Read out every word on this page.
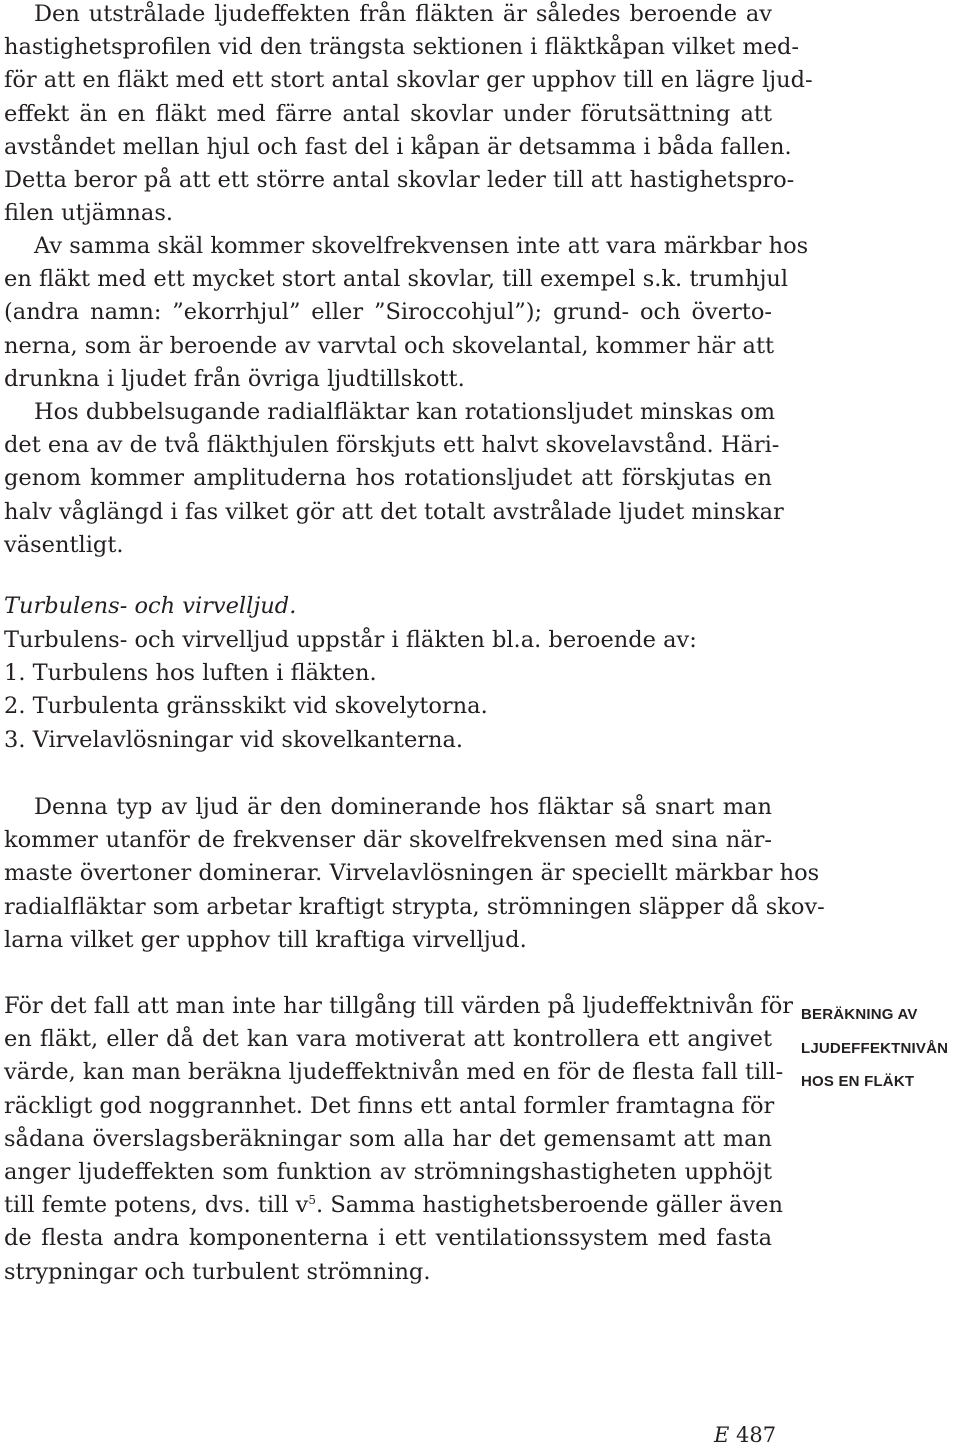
Den utstrålade ljudeffekten från fläkten är således beroende av
hastighetsprofilen vid den trängsta sektionen i fläktkåpan vilket med-
för att en fläkt med ett stort antal skovlar ger upphov till en lägre ljud-
effekt än en fläkt med färre antal skovlar under förutsättning att
avståndet mellan hjul och fast del i kåpan är detsamma i båda fallen.
Detta beror på att ett större antal skovlar leder till att hastighetspro-
filen utjämnas.
Av samma skäl kommer skovelfrekvensen inte att vara märkbar hos
en fläkt med ett mycket stort antal skovlar, till exempel s.k. trumhjul
(andra namn: ”ekorrhjul” eller ”Siroccohjul”); grund- och överto-
nerna, som är beroende av varvtal och skovelantal, kommer här att
drunkna i ljudet från övriga ljudtillskott.
Hos dubbelsugande radialfläktar kan rotationsljudet minskas om
det ena av de två fläkthjulen förskjuts ett halvt skovelavstånd. Häri-
genom kommer amplituderna hos rotationsljudet att förskjutas en
halv våglängd i fas vilket gör att det totalt avstrålade ljudet minskar
väsentligt.

Turbulens- och virvelljud.

Turbulens- och virvelljud uppstår i fläkten bl.a. beroende av:
1. Turbulens hos luften i fläkten.
2. Turbulenta gränsskikt vid skovelytorna.
3. Virvelavlösningar vid skovelkanterna.
Denna typ av ljud är den dominerande hos fläktar så snart man
kommer utanför de frekvenser där skovelfrekvensen med sina när-
maste övertoner dominerar. Virvelavlösningen är speciellt märkbar hos
radialfläktar som arbetar kraftigt strypta, strömningen släpper då skov-
larna vilket ger upphov till kraftiga virvelljud.
För det fall att man inte har tillgång till värden på ljudeffektnivån för
en fläkt, eller då det kan vara motiverat att kontrollera ett angivet
värde, kan man beräkna ljudeffektnivån med en för de flesta fall till-
räckligt god noggrannhet. Det finns ett antal formler framtagna för
sådana överslagsberäkningar som alla har det gemensamt att man
anger ljudeffekten som funktion av strömningshastigheten upphöjt
till femte potens, dvs. till $v^5$. Samma hastighetsberoende gäller även
de flesta andra komponenterna i ett ventilationssystem med fasta
strypningar och turbulent strömning.
BERÄKNING AV
LJUDEFFEKTNIVÅN
HOS EN FLÄKT
E 487
